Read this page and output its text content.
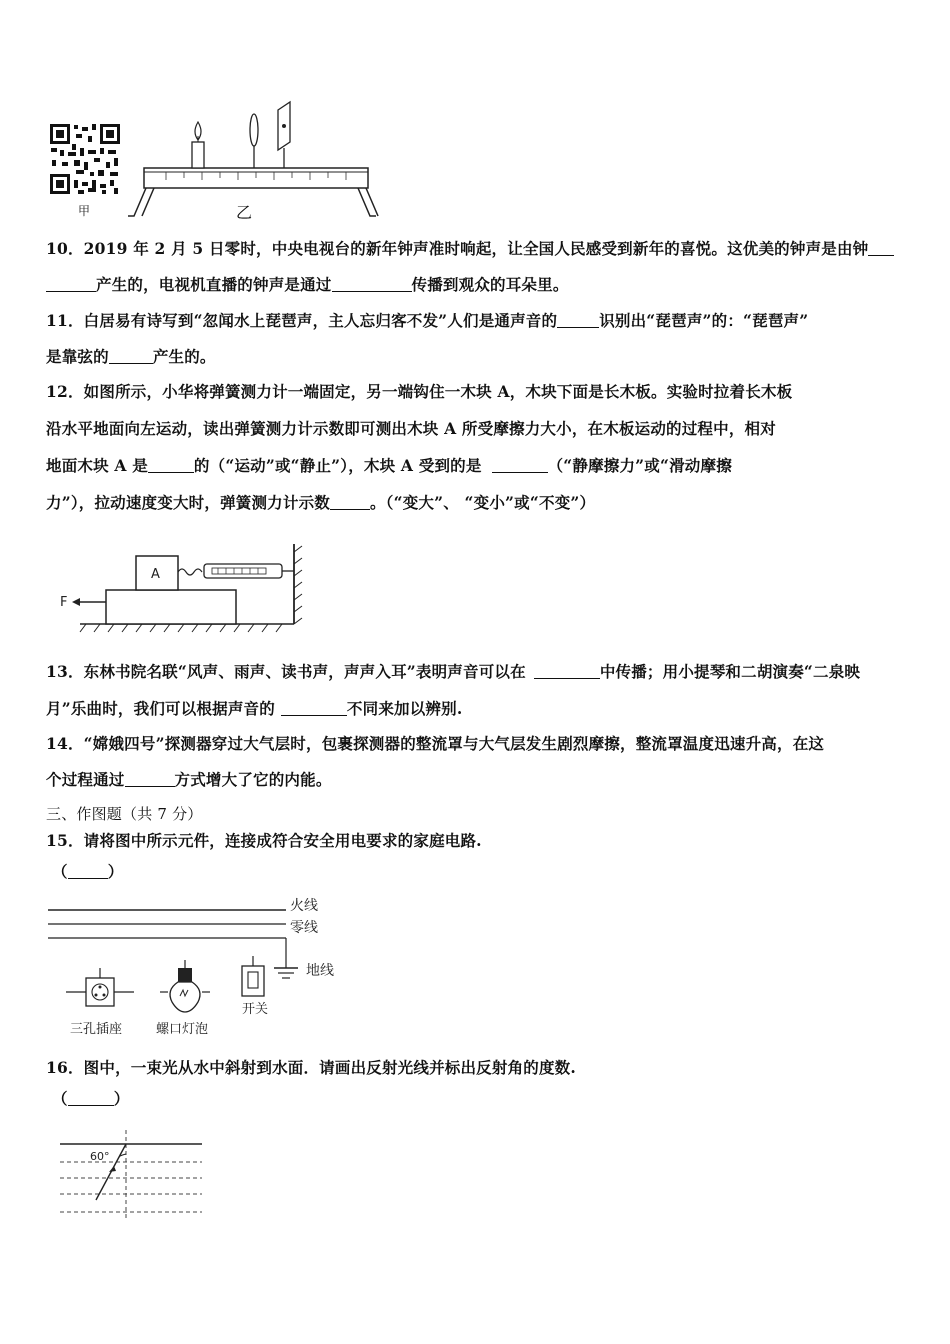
甲	乙
10．2019 年 2 月 5 日零时，中央电视台的新年钟声准时响起，让全国人民感受到新年的喜悦。这优美的钟声是由钟
产生的，电视机直播的钟声是通过	传播到观众的耳朵里。
11．白居易有诗写到“忽闻水上琵琶声，主人忘归客不发”人们是通声音的	识别出“琵琶声”的：“琵琶声”
是靠弦的	产生的。
12．如图所示，小华将弹簧测力计一端固定，另一端钩住一木块 A，木块下面是长木板。实验时拉着长木板
沿水平地面向左运动，读出弹簧测力计示数即可测出木块 A 所受摩擦力大小，在木板运动的过程中，相对
地面木块 A 是	的（“运动”或“静止”），木块 A 受到的是	（“静摩擦力”或“滑动摩擦
力”），拉动速度变大时，弹簧测力计示数	。（“变大”、 “变小”或“不变”）
A
F
13．东林书院名联“风声、雨声、读书声，声声入耳”表明声音可以在	中传播；用小提琴和二胡演奏“二泉映
月”乐曲时，我们可以根据声音的	不同来加以辨别.
14．“嫦娥四号”探测器穿过大气层时，包裹探测器的整流罩与大气层发生剧烈摩擦，整流罩温度迅速升高，在这
个过程通过	方式增大了它的内能。
三、作图题（共 7 分）
15．请将图中所示元件，连接成符合安全用电要求的家庭电路.
（	）
火线
零线
地线
三孔插座	螺口灯泡
开关
16．图中，一束光从水中斜射到水面．请画出反射光线并标出反射角的度数.
（	）
60°
